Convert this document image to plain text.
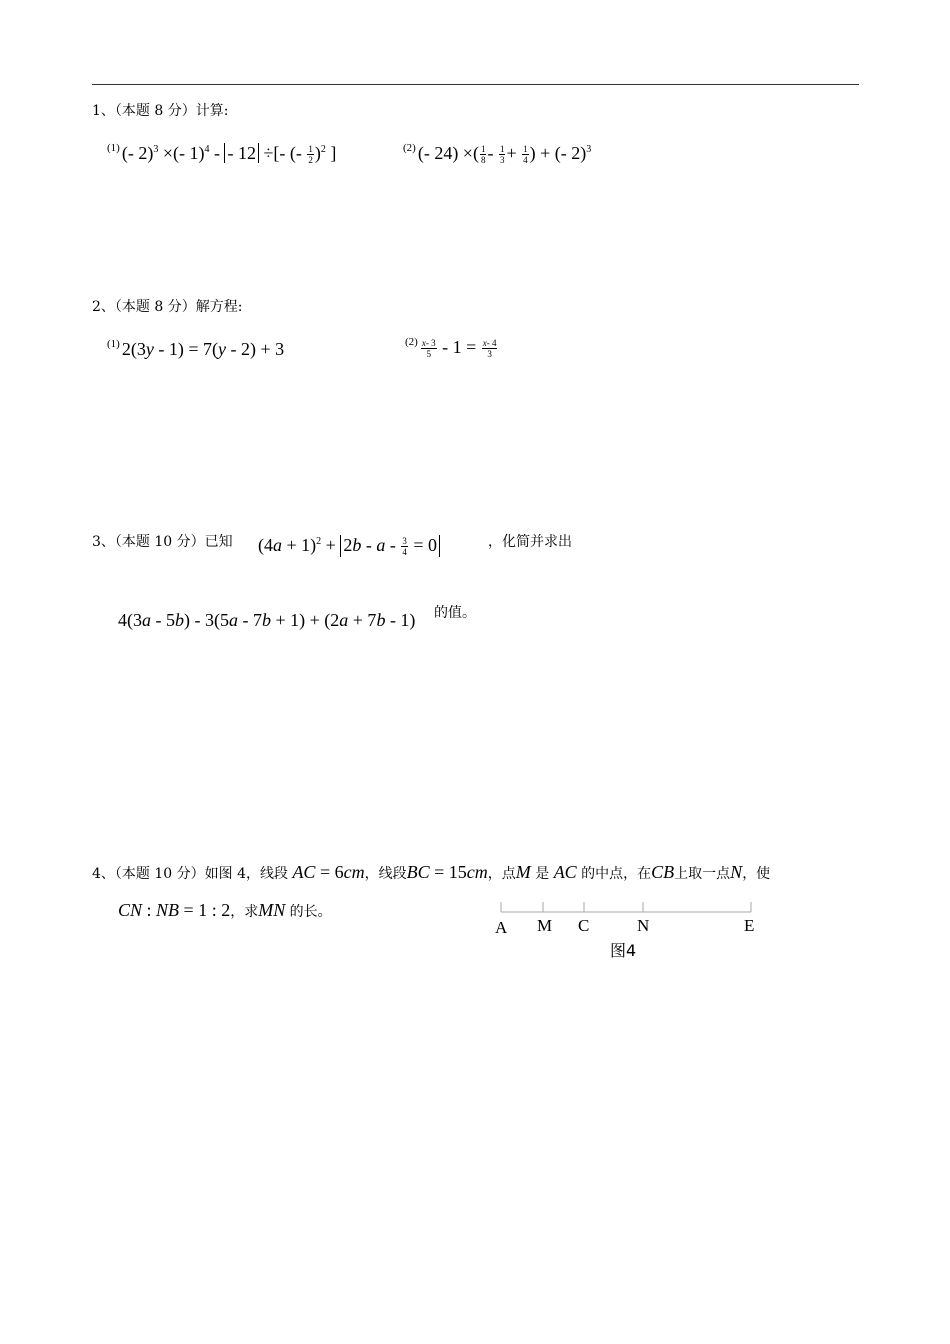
1、（本题 8 分）计算:
$^{(1)}$ (- 2)$^3$ ×(- 1)$^4$ - - 12 ÷[- (- $\frac{1}{2} )^2$ ]	$^{(2)}$ (- 24) ×( $\frac{1}{8} - \frac{1}{3} + \frac{1}{4}$ ) + (- 2)$^3$
2、（本题 8 分）解方程:
$^{(1)}$ 2(3y - 1) = 7(y - 2) + 3	$^{(2)} \frac{x- 3}{5} - 1 = \frac{x- 4}{3}$
3、（本题 10 分）已知 $(4a + 1)^2 + 2b - a - \frac{3}{4} = 0$	，化简并求出
4(3a - 5b) - 3(5a - 7b + 1) + (2a + 7b - 1) 的值。
4、（本题 10 分）如图 4，线段 AC = 6cm，线段BC = 15cm，点M 是 AC 的中点，在CB上取一点N，使
CN : NB = 1 : 2，求MN 的长。
A M C	N	E
图4
